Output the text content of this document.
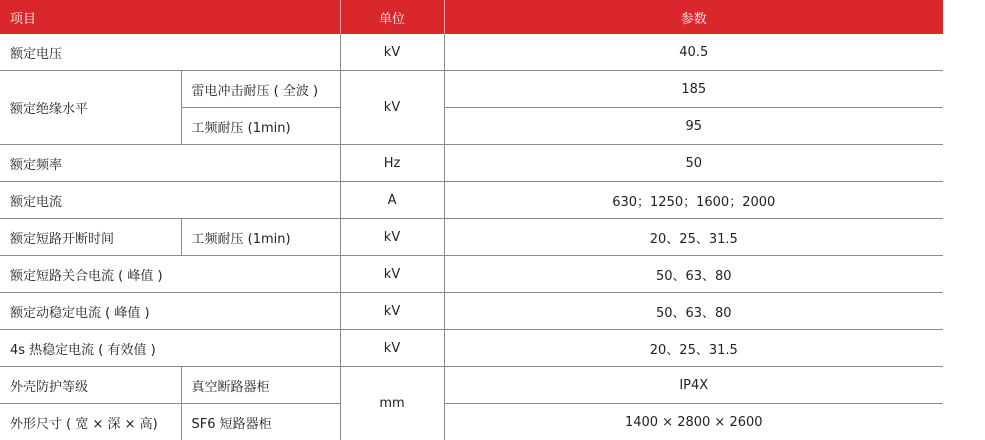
项目		单位	参数
额定电压		kV	40.5
额定绝缘水平	雷电冲击耐压 ( 全波 )	kV	185
	工频耐压 (1min)		95
额定频率		Hz	50
额定电流		A	630；1250；1600；2000
额定短路开断时间	工频耐压 (1min)	kV	20、25、31.5
额定短路关合电流 ( 峰值 )		kV	50、63、80
额定动稳定电流 ( 峰值 )		kV	50、63、80
4s 热稳定电流 ( 有效值 )		kV	20、25、31.5
外壳防护等级	真空断路器柜	mm	IP4X
外形尺寸 ( 宽 × 深 × 高)	SF6 短路器柜		1400 × 2800 × 2600
